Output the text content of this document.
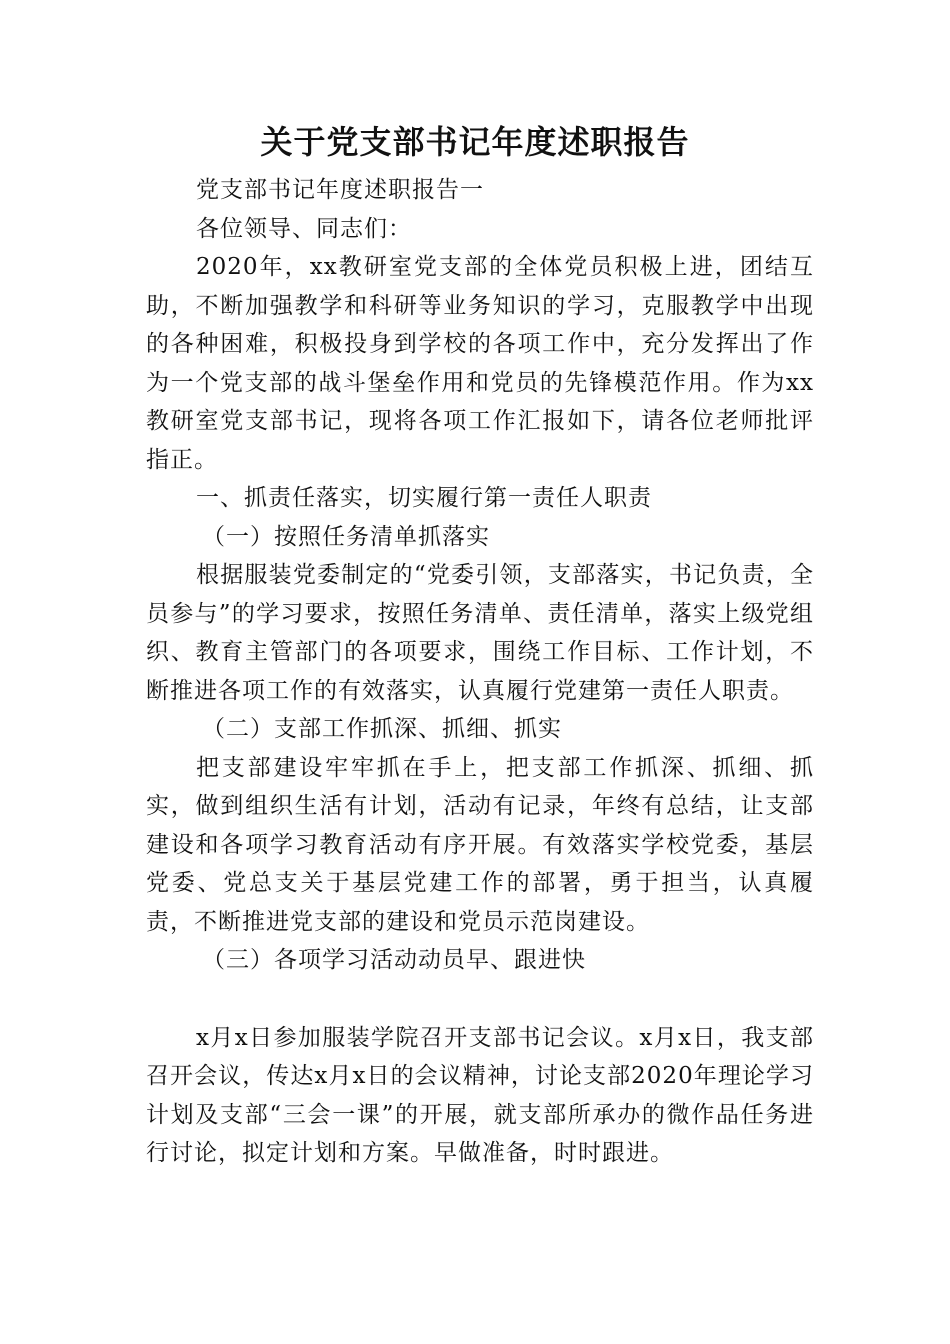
关于党支部书记年度述职报告

党支部书记年度述职报告一

各位领导、同志们：

2020年，xx教研室党支部的全体党员积极上进，团结互助，不断加强教学和科研等业务知识的学习，克服教学中出现的各种困难，积极投身到学校的各项工作中，充分发挥出了作为一个党支部的战斗堡垒作用和党员的先锋模范作用。作为xx教研室党支部书记，现将各项工作汇报如下，请各位老师批评指正。

一、抓责任落实，切实履行第一责任人职责

（一）按照任务清单抓落实

根据服装党委制定的“党委引领，支部落实，书记负责，全员参与”的学习要求，按照任务清单、责任清单，落实上级党组织、教育主管部门的各项要求，围绕工作目标、工作计划，不断推进各项工作的有效落实，认真履行党建第一责任人职责。

（二）支部工作抓深、抓细、抓实

把支部建设牢牢抓在手上，把支部工作抓深、抓细、抓实，做到组织生活有计划，活动有记录，年终有总结，让支部建设和各项学习教育活动有序开展。有效落实学校党委，基层党委、党总支关于基层党建工作的部署，勇于担当，认真履责，不断推进党支部的建设和党员示范岗建设。

（三）各项学习活动动员早、跟进快

x月x日参加服装学院召开支部书记会议。x月x日，我支部召开会议，传达x月x日的会议精神，讨论支部2020年理论学习计划及支部“三会一课”的开展，就支部所承办的微作品任务进行讨论，拟定计划和方案。早做准备，时时跟进。
